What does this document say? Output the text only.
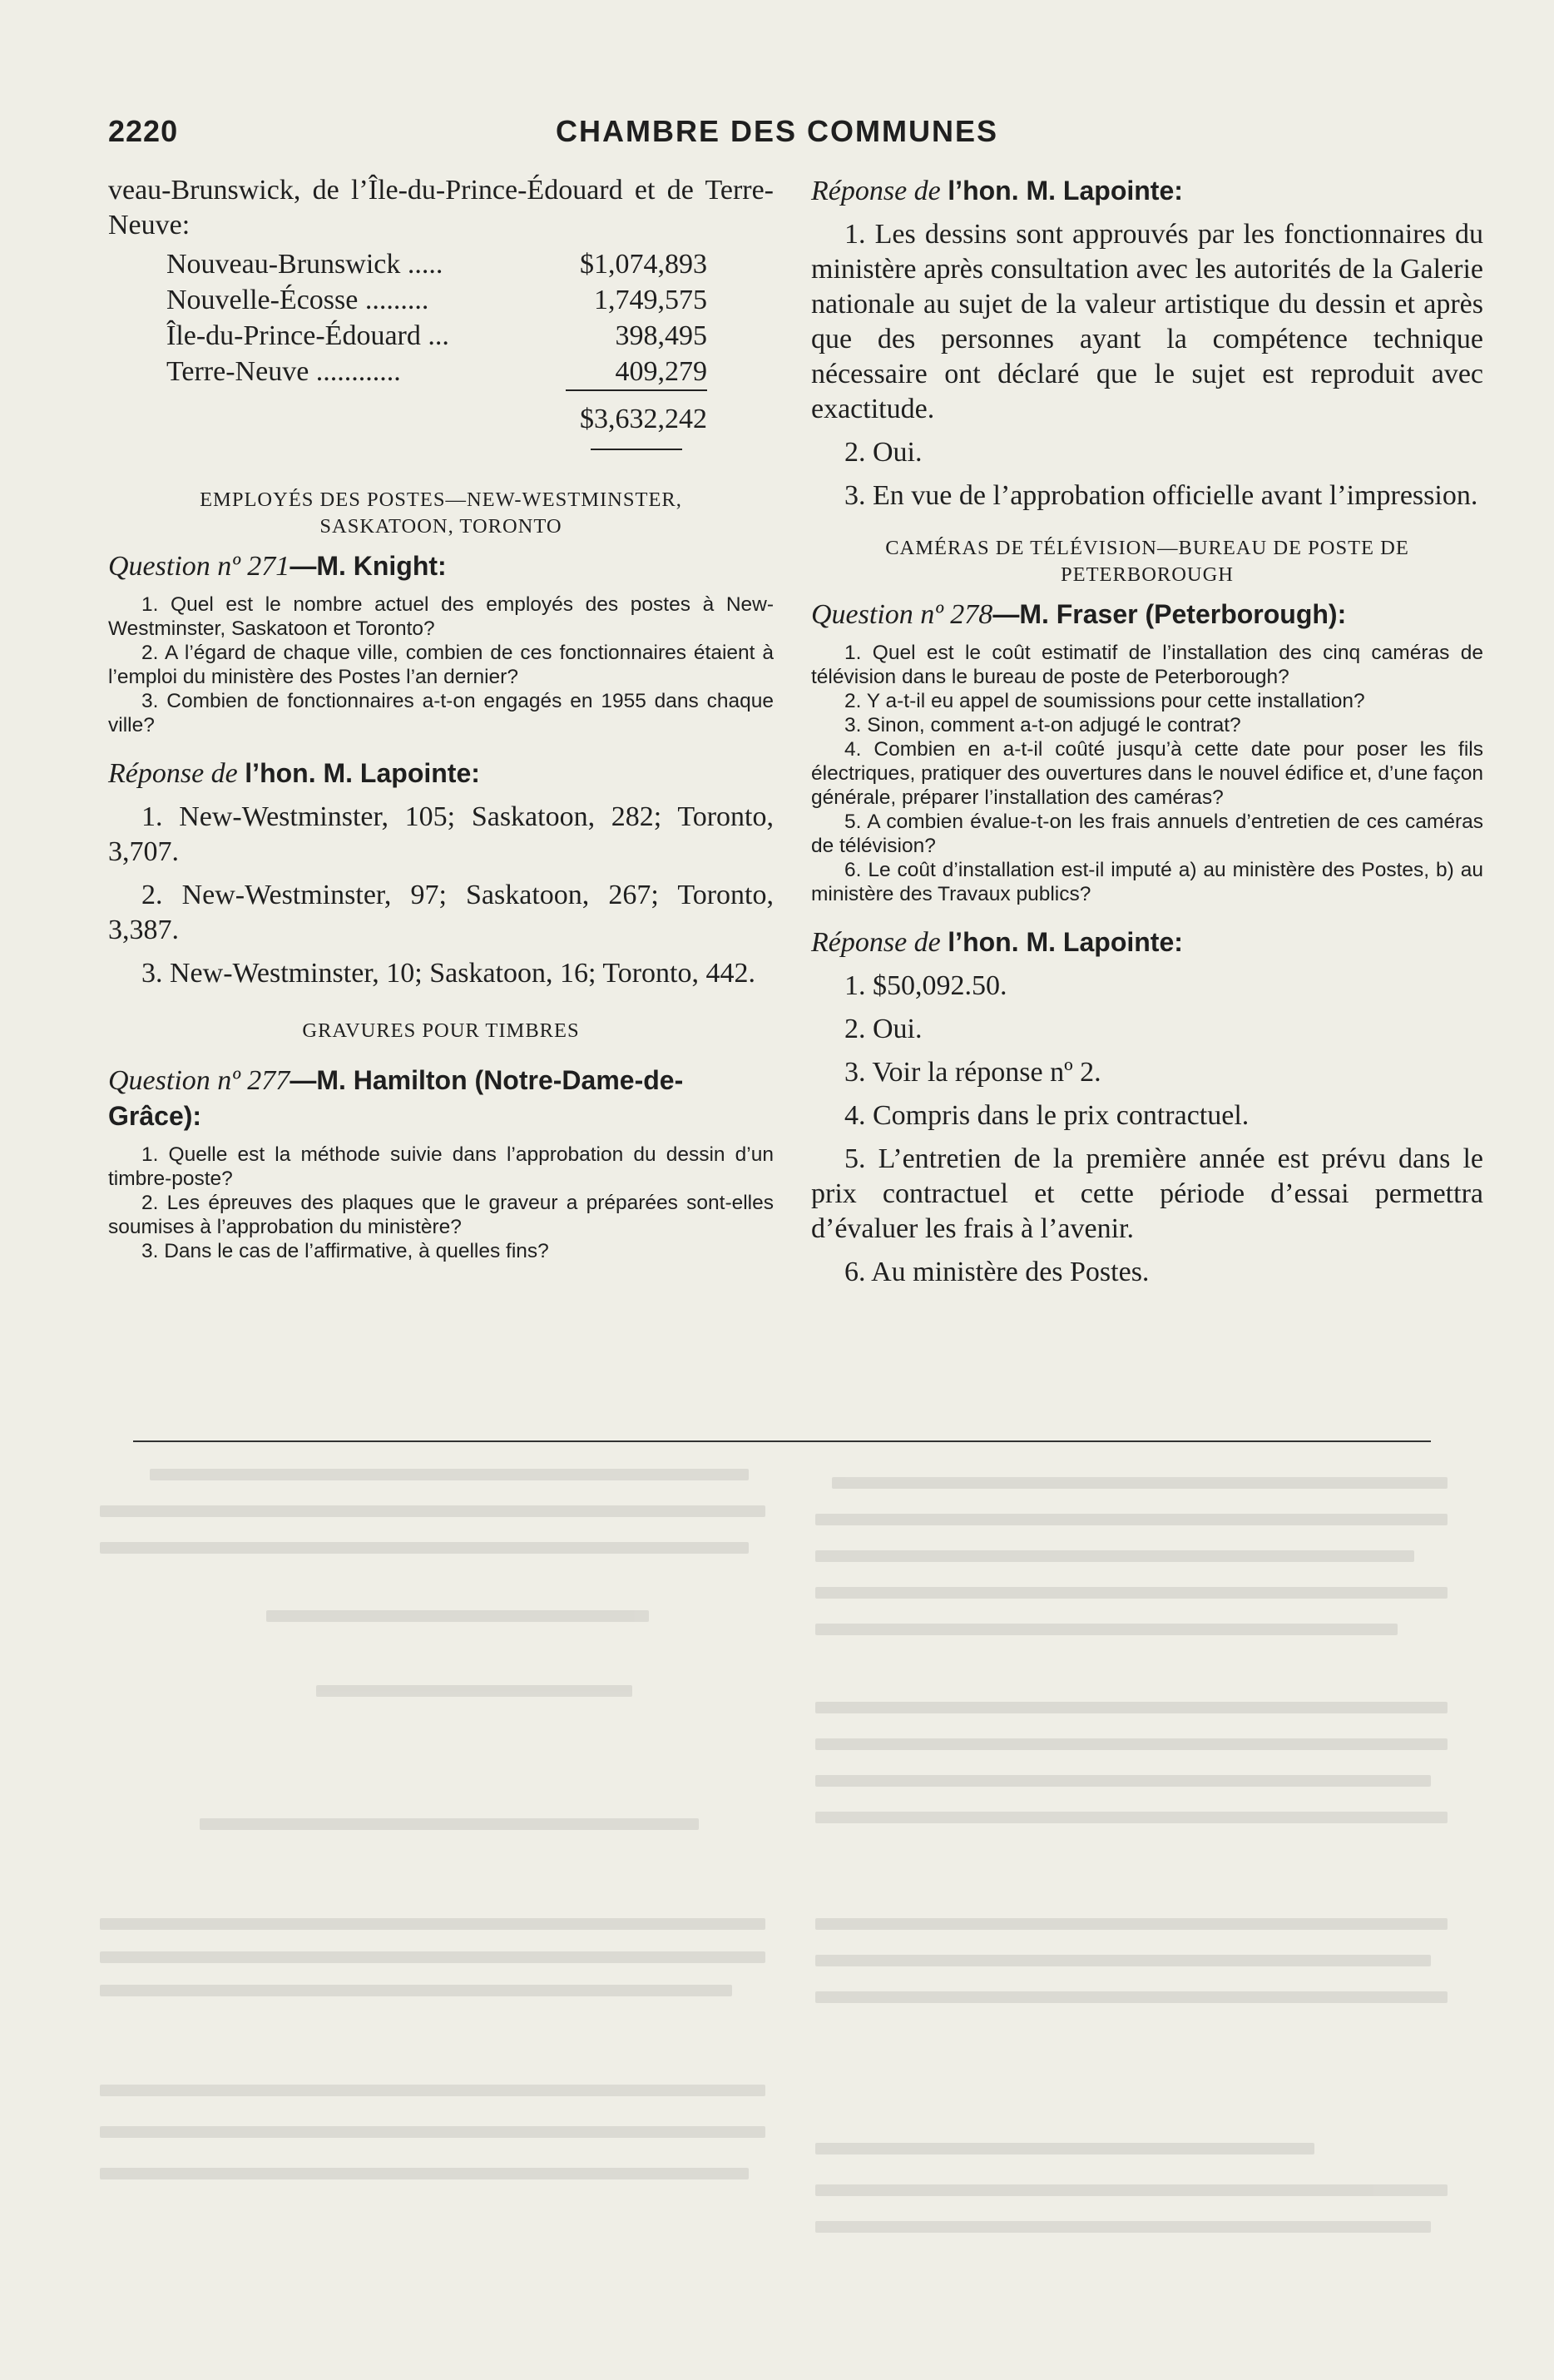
2220	CHAMBRE DES COMMUNES

veau-Brunswick, de l’Île-du-Prince-Édouard et de Terre-Neuve:

Nouveau-Brunswick .....	$1,074,893
Nouvelle-Écosse .........	1,749,575
Île-du-Prince-Édouard ...	398,495
Terre-Neuve ............	409,279
$3,632,242
EMPLOYÉS DES POSTES—NEW-WESTMINSTER,
SASKATOON, TORONTO

Question nº 271—M. Knight:

1. Quel est le nombre actuel des employés des postes à New-Westminster, Saskatoon et Toronto?

2. A l’égard de chaque ville, combien de ces fonctionnaires étaient à l’emploi du ministère des Postes l’an dernier?

3. Combien de fonctionnaires a-t-on engagés en 1955 dans chaque ville?

Réponse de l’hon. M. Lapointe:

1. New-Westminster, 105; Saskatoon, 282; Toronto, 3,707.

2. New-Westminster, 97; Saskatoon, 267; Toronto, 3,387.

3. New-Westminster, 10; Saskatoon, 16; Toronto, 442.

GRAVURES POUR TIMBRES

Question nº 277—M. Hamilton (Notre-Dame-de-Grâce):

1. Quelle est la méthode suivie dans l’approbation du dessin d’un timbre-poste?

2. Les épreuves des plaques que le graveur a préparées sont-elles soumises à l’approbation du ministère?

3. Dans le cas de l’affirmative, à quelles fins?

Réponse de l’hon. M. Lapointe:

1. Les dessins sont approuvés par les fonctionnaires du ministère après consultation avec les autorités de la Galerie nationale au sujet de la valeur artistique du dessin et après que des personnes ayant la compétence technique nécessaire ont déclaré que le sujet est reproduit avec exactitude.

2. Oui.

3. En vue de l’approbation officielle avant l’impression.

CAMÉRAS DE TÉLÉVISION—BUREAU DE POSTE DE
PETERBOROUGH

Question nº 278—M. Fraser (Peterborough):

1. Quel est le coût estimatif de l’installation des cinq caméras de télévision dans le bureau de poste de Peterborough?

2. Y a-t-il eu appel de soumissions pour cette installation?

3. Sinon, comment a-t-on adjugé le contrat?

4. Combien en a-t-il coûté jusqu’à cette date pour poser les fils électriques, pratiquer des ouvertures dans le nouvel édifice et, d’une façon générale, préparer l’installation des caméras?

5. A combien évalue-t-on les frais annuels d’entretien de ces caméras de télévision?

6. Le coût d’installation est-il imputé a) au ministère des Postes, b) au ministère des Travaux publics?

Réponse de l’hon. M. Lapointe:

1. $50,092.50.

2. Oui.

3. Voir la réponse nº 2.

4. Compris dans le prix contractuel.

5. L’entretien de la première année est prévu dans le prix contractuel et cette période d’essai permettra d’évaluer les frais à l’avenir.

6. Au ministère des Postes.
